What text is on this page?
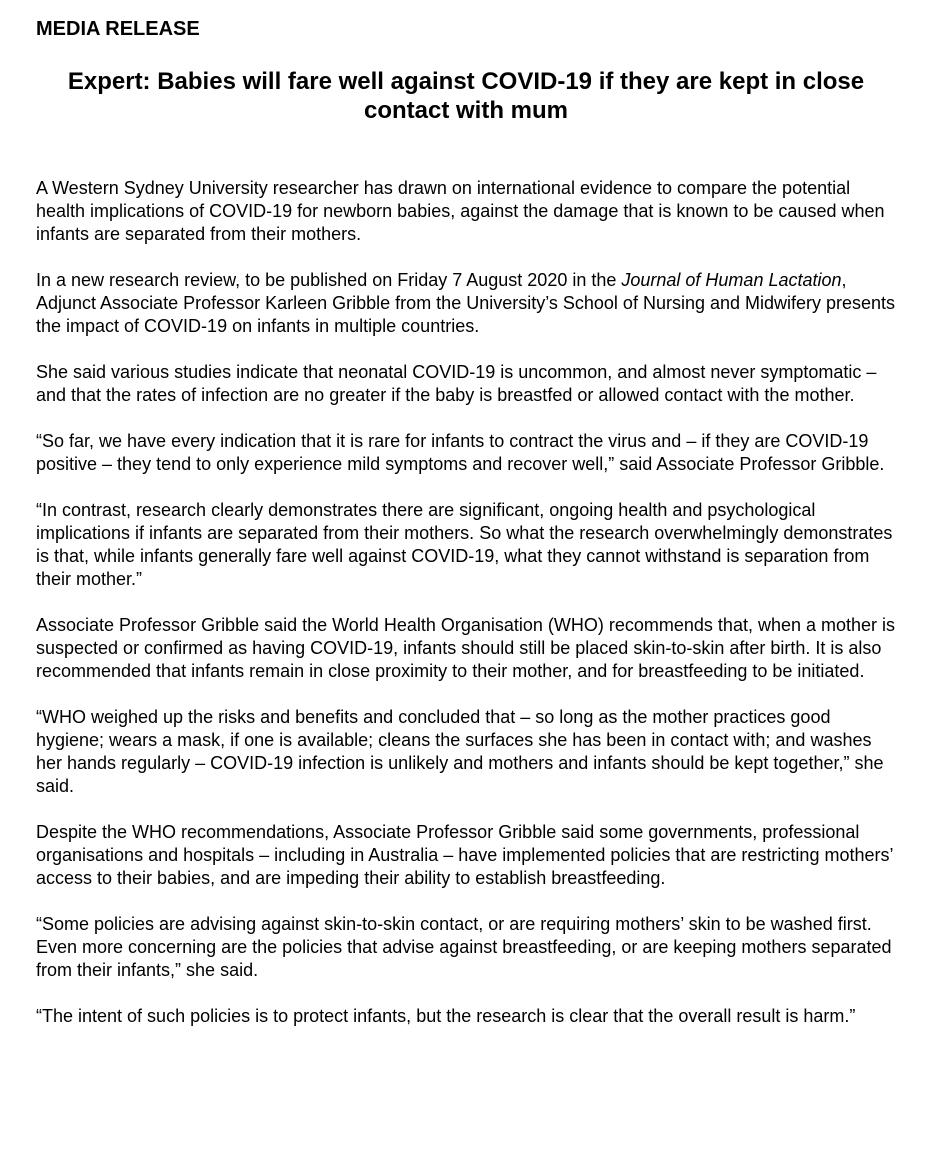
MEDIA RELEASE

Expert: Babies will fare well against COVID-19 if they are kept in close contact with mum

A Western Sydney University researcher has drawn on international evidence to compare the potential health implications of COVID-19 for newborn babies, against the damage that is known to be caused when infants are separated from their mothers.

In a new research review, to be published on Friday 7 August 2020 in the Journal of Human Lactation, Adjunct Associate Professor Karleen Gribble from the University’s School of Nursing and Midwifery presents the impact of COVID-19 on infants in multiple countries.

She said various studies indicate that neonatal COVID-19 is uncommon, and almost never symptomatic – and that the rates of infection are no greater if the baby is breastfed or allowed contact with the mother.

“So far, we have every indication that it is rare for infants to contract the virus and – if they are COVID-19 positive – they tend to only experience mild symptoms and recover well,” said Associate Professor Gribble.

“In contrast, research clearly demonstrates there are significant, ongoing health and psychological implications if infants are separated from their mothers. So what the research overwhelmingly demonstrates is that, while infants generally fare well against COVID-19, what they cannot withstand is separation from their mother.”

Associate Professor Gribble said the World Health Organisation (WHO) recommends that, when a mother is suspected or confirmed as having COVID-19, infants should still be placed skin-to-skin after birth. It is also recommended that infants remain in close proximity to their mother, and for breastfeeding to be initiated.

“WHO weighed up the risks and benefits and concluded that – so long as the mother practices good hygiene; wears a mask, if one is available; cleans the surfaces she has been in contact with; and washes her hands regularly – COVID-19 infection is unlikely and mothers and infants should be kept together,” she said.

Despite the WHO recommendations, Associate Professor Gribble said some governments, professional organisations and hospitals – including in Australia – have implemented policies that are restricting mothers’ access to their babies, and are impeding their ability to establish breastfeeding.

“Some policies are advising against skin-to-skin contact, or are requiring mothers’ skin to be washed first. Even more concerning are the policies that advise against breastfeeding, or are keeping mothers separated from their infants,” she said.

“The intent of such policies is to protect infants, but the research is clear that the overall result is harm.”
